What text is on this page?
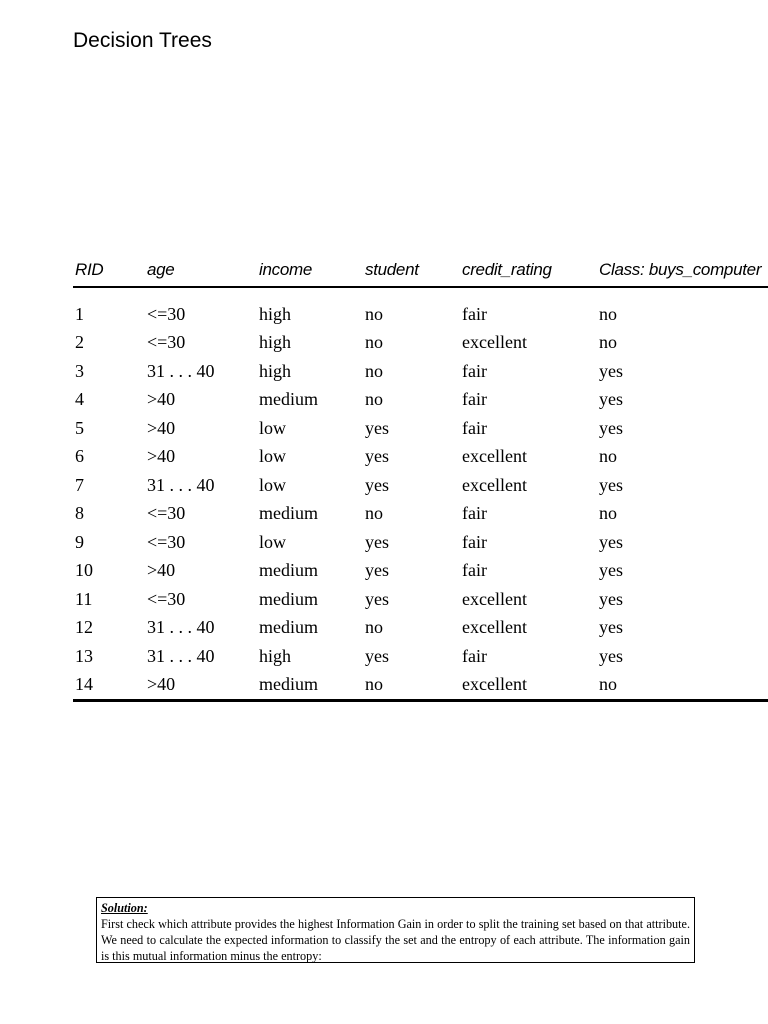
Decision Trees
RID	age	income	student	credit_rating	Class: buys_computer

1	<=30	high	no	fair	no
2	<=30	high	no	excellent	no
3	31 . . . 40	high	no	fair	yes
4	>40	medium	no	fair	yes
5	>40	low	yes	fair	yes
6	>40	low	yes	excellent	no
7	31 . . . 40	low	yes	excellent	yes
8	<=30	medium	no	fair	no
9	<=30	low	yes	fair	yes
10	>40	medium	yes	fair	yes
11	<=30	medium	yes	excellent	yes
12	31 . . . 40	medium	no	excellent	yes
13	31 . . . 40	high	yes	fair	yes
14	>40	medium	no	excellent	no
Solution:
First check which attribute provides the highest Information Gain in order to split the training set based on that attribute. We need to calculate the expected information to classify the set and the entropy of each attribute. The information gain is this mutual information minus the entropy:
